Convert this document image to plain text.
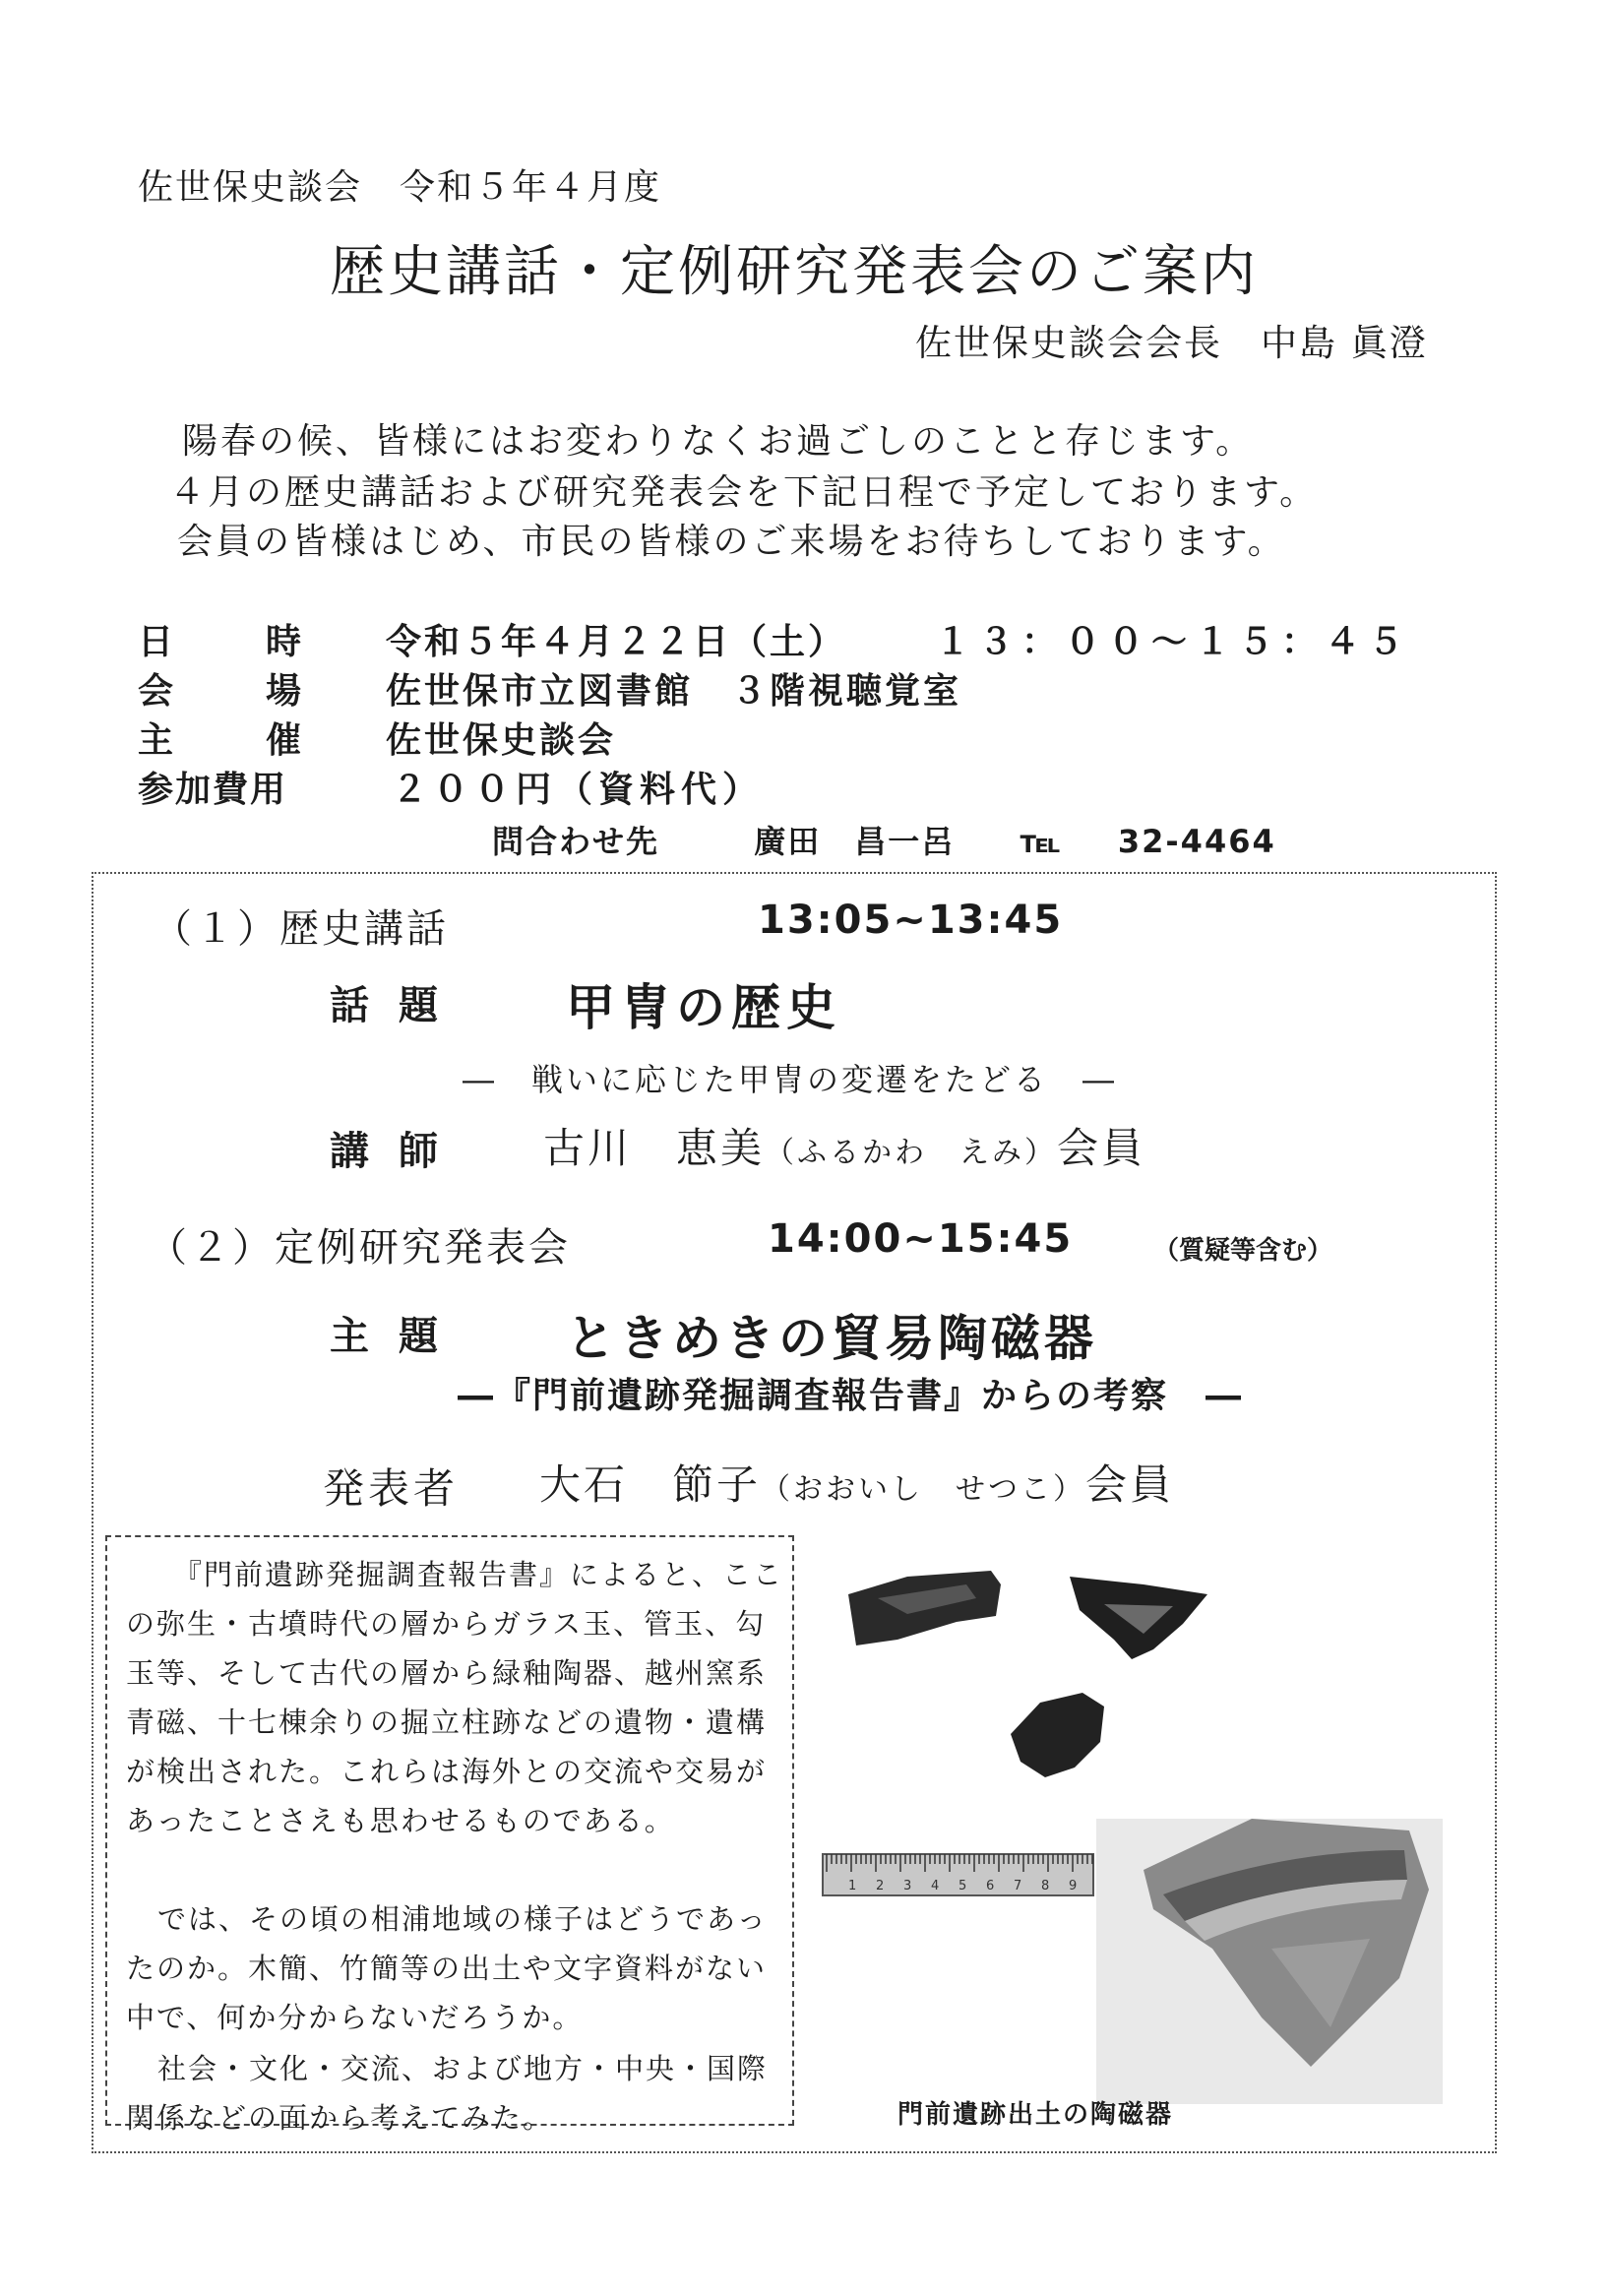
佐世保史談会　令和５年４月度
歴史講話・定例研究発表会のご案内
佐世保史談会会長　中島 眞澄
陽春の候、皆様にはお変わりなくお過ごしのことと存じます。
４月の歴史講話および研究発表会を下記日程で予定しております。
会員の皆様はじめ、市民の皆様のご来場をお待ちしております。
日	時 令和５年４月２２日（土） １３：００～１５：４５
会	場 佐世保市立図書館　３階視聴覚室
主	催 佐世保史談会
参加費用	２００円（資料代）
問合わせ先	廣田　昌一呂 ℡ 32-4464
（１）歴史講話	13:05~13:45
話題 甲冑の歴史
―　戦いに応じた甲冑の変遷をたどる　―
講師 古川　恵美（ふるかわ　えみ）会員
（２）定例研究発表会	14:00~15:45	（質疑等含む）
主題 ときめきの貿易陶磁器
―『門前遺跡発掘調査報告書』からの考察　―
発表者 大石　節子（おおいし　せつこ）会員
『門前遺跡発掘調査報告書』によると、ここ
の弥生・古墳時代の層からガラス玉、管玉、勾
玉等、そして古代の層から緑釉陶器、越州窯系
青磁、十七棟余りの掘立柱跡などの遺物・遺構
が検出された。これらは海外との交流や交易が
あったことさえも思わせるものである。
では、その頃の相浦地域の様子はどうであっ
たのか。木簡、竹簡等の出土や文字資料がない
中で、何か分からないだろうか。
社会・文化・交流、および地方・中央・国際
関係などの面から考えてみた。
1 2 3 4 5 6 7 8 9
門前遺跡出土の陶磁器
